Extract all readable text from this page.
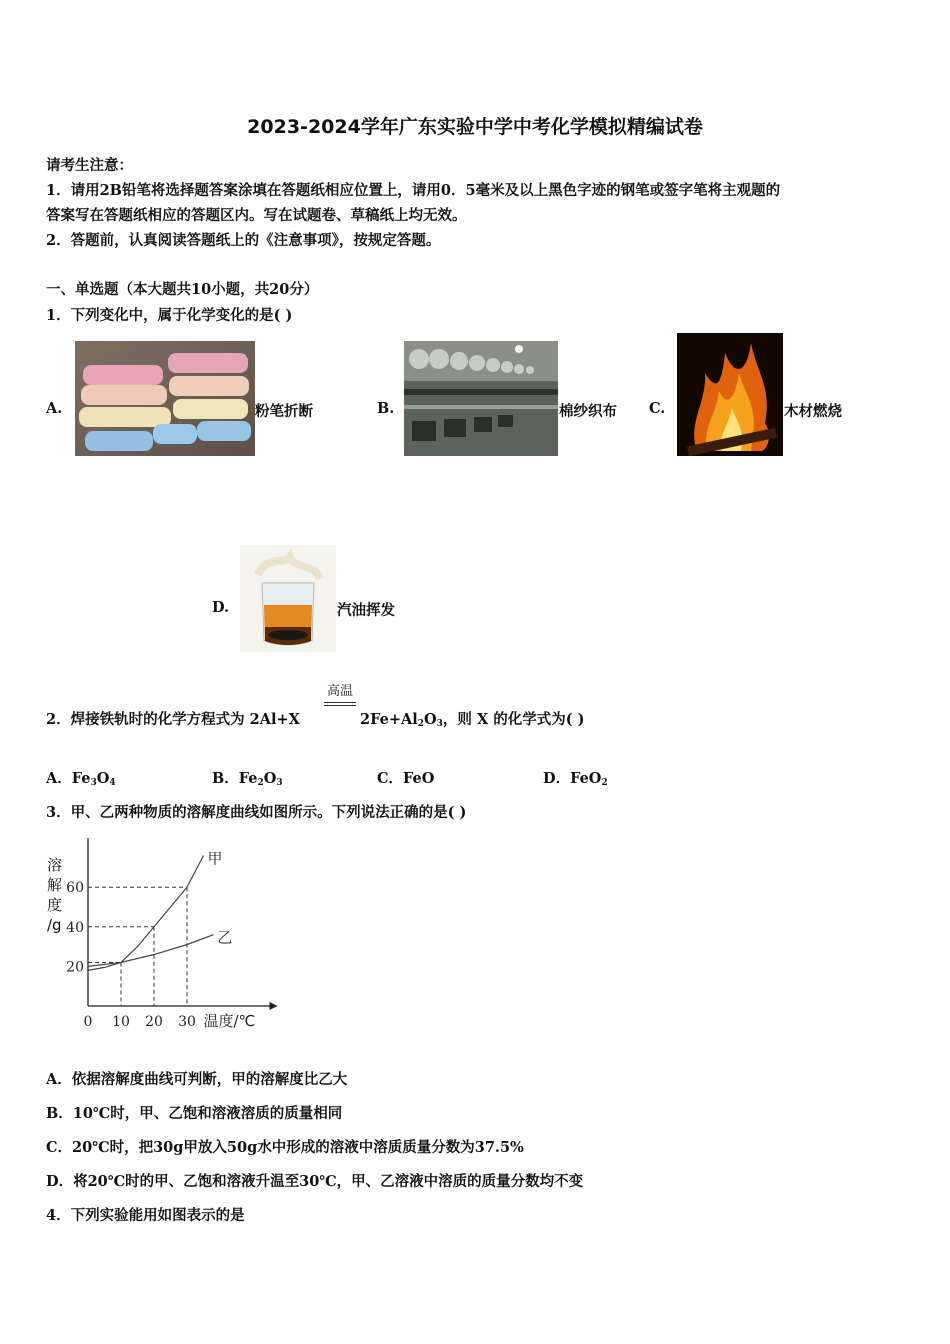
2023-2024学年广东实验中学中考化学模拟精编试卷
请考生注意：
1．请用2B铅笔将选择题答案涂填在答题纸相应位置上，请用0．5毫米及以上黑色字迹的钢笔或签字笔将主观题的
答案写在答题纸相应的答题区内。写在试题卷、草稿纸上均无效。
2．答题前，认真阅读答题纸上的《注意事项》，按规定答题。
一、单选题（本大题共10小题，共20分）
1．下列变化中，属于化学变化的是( )
A.	粉笔折断	B.	棉纱织布 C.	木材燃烧
D.	汽油挥发
2．焊接铁轨时的化学方程式为 2Al+X
高温
$2Fe+Al_2O_3$，则 X 的化学式为( )
A．$Fe_3O_4$	B．$Fe_2O_3$	C．FeO	D．FeO$_2$
3．甲、乙两种物质的溶解度曲线如图所示。下列说法正确的是( )
甲
乙
0 10 20 30
20
40
60
温度/℃
溶
解
度
/g
A．依据溶解度曲线可判断，甲的溶解度比乙大
B．10℃时，甲、乙饱和溶液溶质的质量相同
C．20℃时，把30g甲放入50g水中形成的溶液中溶质质量分数为37.5%
D．将20℃时的甲、乙饱和溶液升温至30℃，甲、乙溶液中溶质的质量分数均不变
4．下列实验能用如图表示的是
